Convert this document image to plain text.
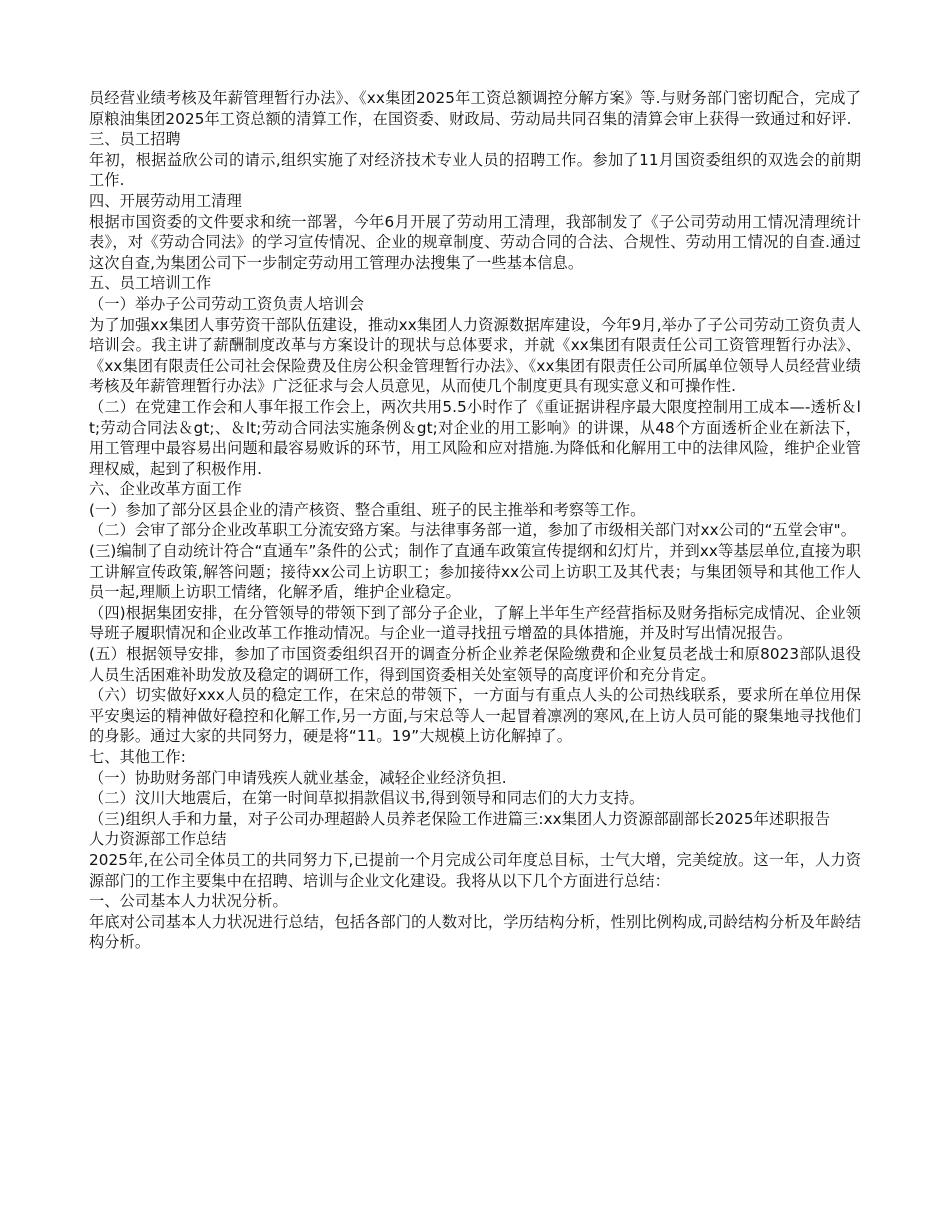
员经营业绩考核及年薪管理暂行办法》、《xx集团2025年工资总额调控分解方案》等.与财务部门密切配合，完成了原粮油集团2025年工资总额的清算工作，在国资委、财政局、劳动局共同召集的清算会审上获得一致通过和好评.

三、员工招聘

年初，根据益欣公司的请示,组织实施了对经济技术专业人员的招聘工作。参加了11月国资委组织的双选会的前期工作.

四、开展劳动用工清理

根据市国资委的文件要求和统一部署，今年6月开展了劳动用工清理，我部制发了《子公司劳动用工情况清理统计表》，对《劳动合同法》的学习宣传情况、企业的规章制度、劳动合同的合法、合规性、劳动用工情况的自查.通过这次自查,为集团公司下一步制定劳动用工管理办法搜集了一些基本信息。

五、员工培训工作

（一）举办子公司劳动工资负责人培训会

为了加强xx集团人事劳资干部队伍建设，推动xx集团人力资源数据库建设，今年9月,举办了子公司劳动工资负责人培训会。我主讲了薪酬制度改革与方案设计的现状与总体要求，并就《xx集团有限责任公司工资管理暂行办法》、《xx集团有限责任公司社会保险费及住房公积金管理暂行办法》、《xx集团有限责任公司所属单位领导人员经营业绩考核及年薪管理暂行办法》广泛征求与会人员意见，从而使几个制度更具有现实意义和可操作性.

（二）在党建工作会和人事年报工作会上，两次共用5.5小时作了《重证据讲程序最大限度控制用工成本—-透析＆lt;劳动合同法＆gt;、＆lt;劳动合同法实施条例＆gt;对企业的用工影响》的讲课，从48个方面透析企业在新法下，用工管理中最容易出问题和最容易败诉的环节，用工风险和应对措施.为降低和化解用工中的法律风险，维护企业管理权威，起到了积极作用.

六、企业改革方面工作

(一）参加了部分区县企业的清产核资、整合重组、班子的民主推举和考察等工作。

（二）会审了部分企业改革职工分流安臵方案。与法律事务部一道，参加了市级相关部门对xx公司的“五堂会审"。

(三)编制了自动统计符合“直通车”条件的公式；制作了直通车政策宣传提纲和幻灯片，并到xx等基层单位,直接为职工讲解宣传政策,解答问题；接待xx公司上访职工；参加接待xx公司上访职工及其代表；与集团领导和其他工作人员一起,理顺上访职工情绪，化解矛盾，维护企业稳定。

（四)根据集团安排，在分管领导的带领下到了部分子企业，了解上半年生产经营指标及财务指标完成情况、企业领导班子履职情况和企业改革工作推动情况。与企业一道寻找扭亏增盈的具体措施，并及时写出情况报告。

(五）根据领导安排，参加了市国资委组织召开的调查分析企业养老保险缴费和企业复员老战士和原8023部队退役人员生活困难补助发放及稳定的调研工作，得到国资委相关处室领导的高度评价和充分肯定。

（六）切实做好xxx人员的稳定工作，在宋总的带领下，一方面与有重点人头的公司热线联系，要求所在单位用保平安奥运的精神做好稳控和化解工作,另一方面,与宋总等人一起冒着凛冽的寒风,在上访人员可能的聚集地寻找他们的身影。通过大家的共同努力，硬是将“11。19”大规模上访化解掉了。

七、其他工作:

（一）协助财务部门申请残疾人就业基金，减轻企业经济负担.

（二）汶川大地震后，在第一时间草拟捐款倡议书,得到领导和同志们的大力支持。

（三)组织人手和力量，对子公司办理超龄人员养老保险工作进篇三:xx集团人力资源部副部长2025年述职报告

人力资源部工作总结

2025年,在公司全体员工的共同努力下,已提前一个月完成公司年度总目标，士气大增，完美绽放。这一年，人力资源部门的工作主要集中在招聘、培训与企业文化建设。我将从以下几个方面进行总结：

一、公司基本人力状况分析。

年底对公司基本人力状况进行总结，包括各部门的人数对比，学历结构分析，性别比例构成,司龄结构分析及年龄结构分析。
